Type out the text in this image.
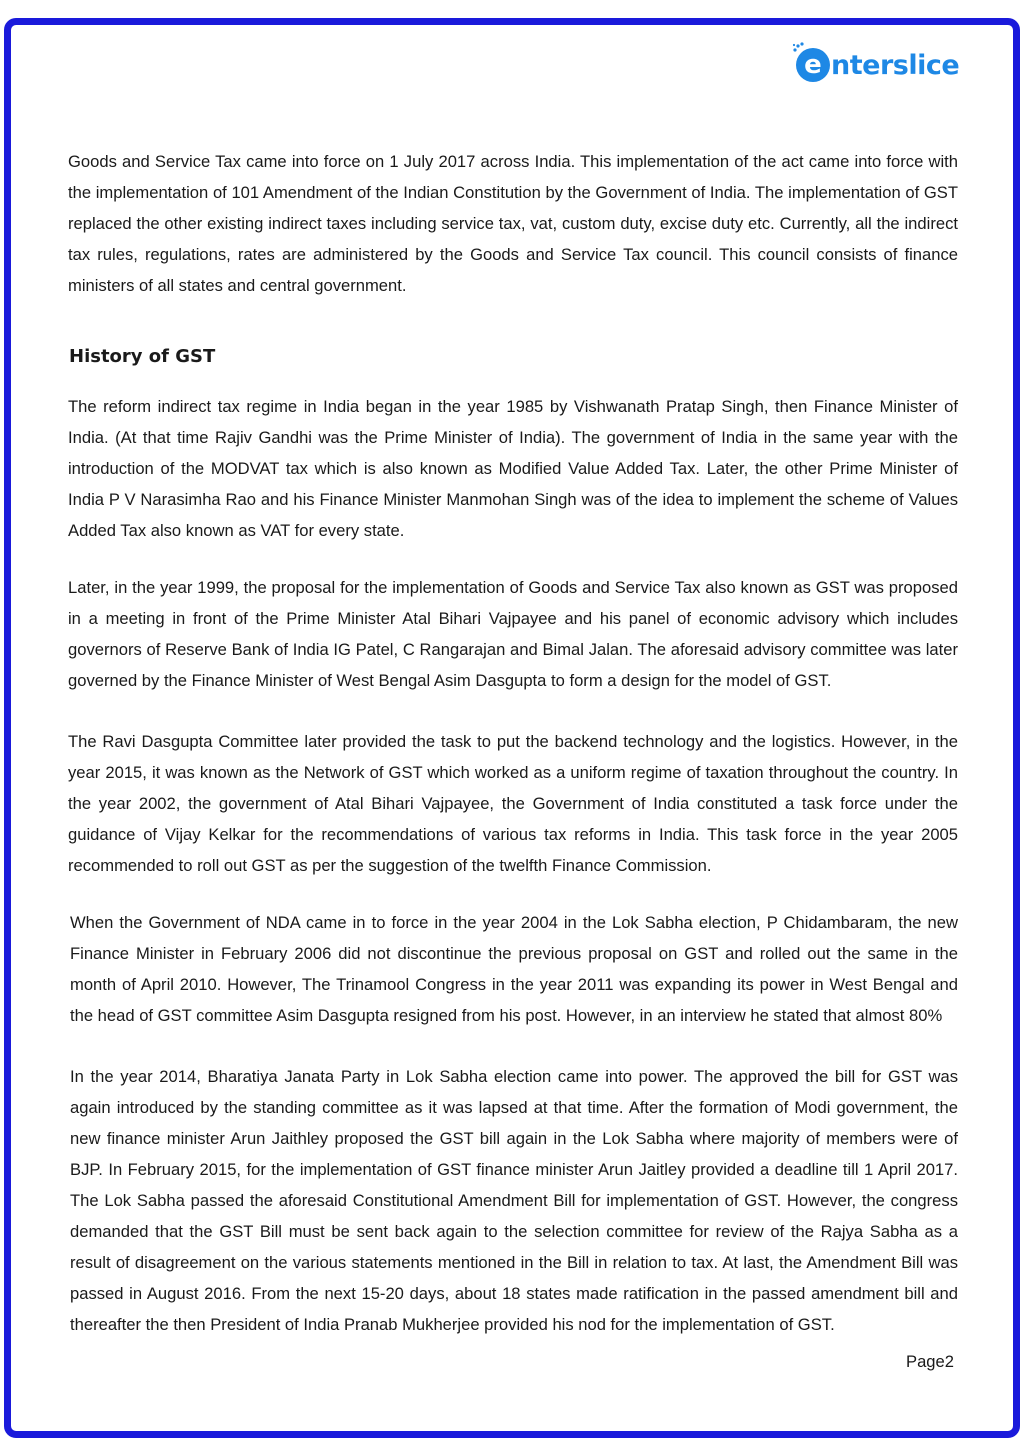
e nterslice

Goods and Service Tax came into force on 1 July 2017 across India. This implementation of the act came into force with the implementation of 101 Amendment of the Indian Constitution by the Government of India. The implementation of GST replaced the other existing indirect taxes including service tax, vat, custom duty, excise duty etc. Currently, all the indirect tax rules, regulations, rates are administered by the Goods and Service Tax council. This council consists of finance ministers of all states and central government.

History of GST

The reform indirect tax regime in India began in the year 1985 by Vishwanath Pratap Singh, then Finance Minister of India. (At that time Rajiv Gandhi was the Prime Minister of India). The government of India in the same year with the introduction of the MODVAT tax which is also known as Modified Value Added Tax. Later, the other Prime Minister of India P V Narasimha Rao and his Finance Minister Manmohan Singh was of the idea to implement the scheme of Values Added Tax also known as VAT for every state.

Later, in the year 1999, the proposal for the implementation of Goods and Service Tax also known as GST was proposed in a meeting in front of the Prime Minister Atal Bihari Vajpayee and his panel of economic advisory which includes governors of Reserve Bank of India IG Patel, C Rangarajan and Bimal Jalan. The aforesaid advisory committee was later governed by the Finance Minister of West Bengal Asim Dasgupta to form a design for the model of GST.

The Ravi Dasgupta Committee later provided the task to put the backend technology and the logistics. However, in the year 2015, it was known as the Network of GST which worked as a uniform regime of taxation throughout the country. In the year 2002, the government of Atal Bihari Vajpayee, the Government of India constituted a task force under the guidance of Vijay Kelkar for the recommendations of various tax reforms in India. This task force in the year 2005 recommended to roll out GST as per the suggestion of the twelfth Finance Commission.

When the Government of NDA came in to force in the year 2004 in the Lok Sabha election, P Chidambaram, the new Finance Minister in February 2006 did not discontinue the previous proposal on GST and rolled out the same in the month of April 2010. However, The Trinamool Congress in the year 2011 was expanding its power in West Bengal and the head of GST committee Asim Dasgupta resigned from his post. However, in an interview he stated that almost 80%

In the year 2014, Bharatiya Janata Party in Lok Sabha election came into power. The approved the bill for GST was again introduced by the standing committee as it was lapsed at that time. After the formation of Modi government, the new finance minister Arun Jaithley proposed the GST bill again in the Lok Sabha where majority of members were of BJP. In February 2015, for the implementation of GST finance minister Arun Jaitley provided a deadline till 1 April 2017. The Lok Sabha passed the aforesaid Constitutional Amendment Bill for implementation of GST. However, the congress demanded that the GST Bill must be sent back again to the selection committee for review of the Rajya Sabha as a result of disagreement on the various statements mentioned in the Bill in relation to tax. At last, the Amendment Bill was passed in August 2016. From the next 15-20 days, about 18 states made ratification in the passed amendment bill and thereafter the then President of India Pranab Mukherjee provided his nod for the implementation of GST.

Page2
